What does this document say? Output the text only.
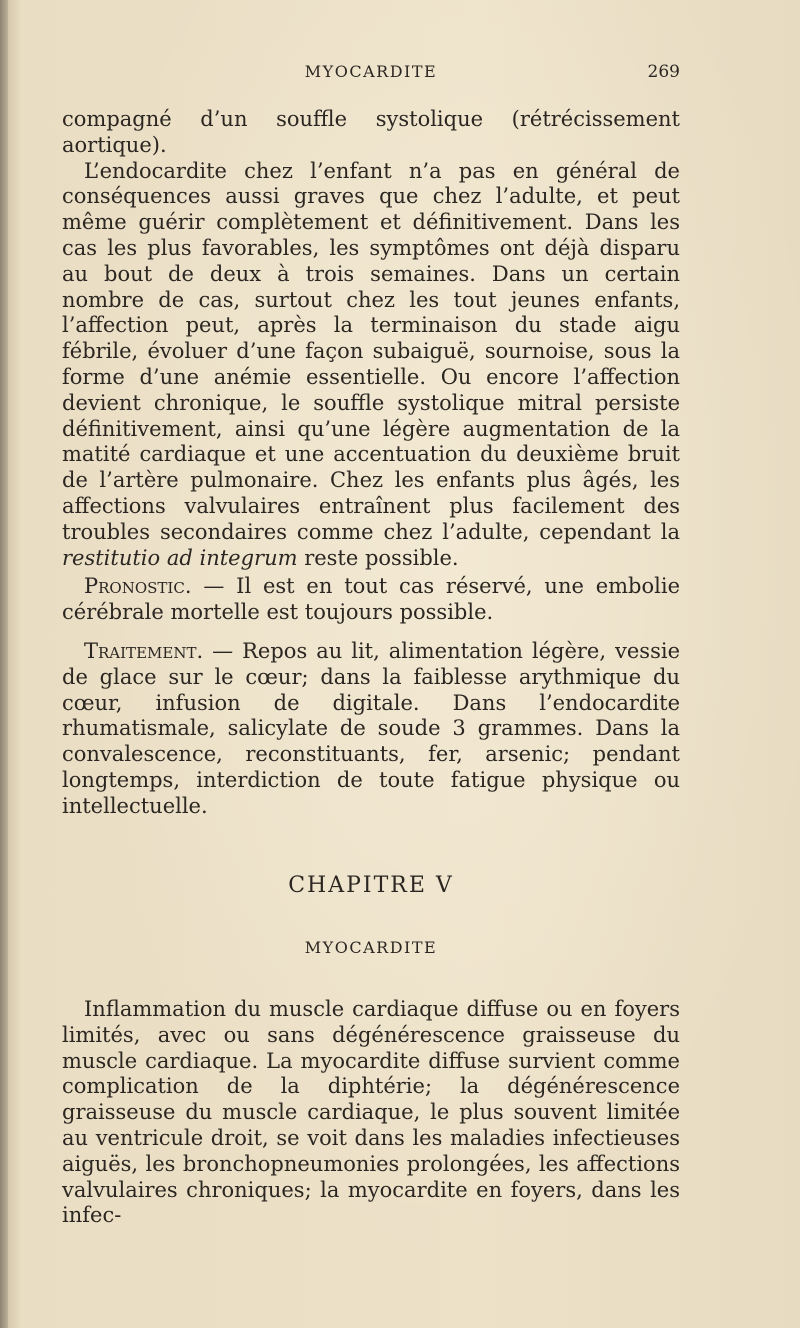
MYOCARDITE	269

compagné d’un souffle systolique (rétrécissement aortique).

L’endocardite chez l’enfant n’a pas en général de conséquences aussi graves que chez l’adulte, et peut même guérir complètement et définitivement. Dans les cas les plus favorables, les symptômes ont déjà disparu au bout de deux à trois semaines. Dans un certain nombre de cas, surtout chez les tout jeunes enfants, l’affection peut, après la terminaison du stade aigu fébrile, évoluer d’une façon subaiguë, sournoise, sous la forme d’une anémie essentielle. Ou encore l’affection devient chronique, le souffle systolique mitral persiste définitivement, ainsi qu’une légère augmentation de la matité cardiaque et une accentuation du deuxième bruit de l’artère pulmonaire. Chez les enfants plus âgés, les affections valvulaires entraînent plus facilement des troubles secondaires comme chez l’adulte, cependant la restitutio ad integrum reste possible.

Pronostic. — Il est en tout cas réservé, une embolie cérébrale mortelle est toujours possible.

Traitement. — Repos au lit, alimentation légère, vessie de glace sur le cœur; dans la faiblesse arythmique du cœur, infusion de digitale. Dans l’endocardite rhumatismale, salicylate de soude 3 grammes. Dans la convalescence, reconstituants, fer, arsenic; pendant longtemps, interdiction de toute fatigue physique ou intellectuelle.

CHAPITRE V
MYOCARDITE

Inflammation du muscle cardiaque diffuse ou en foyers limités, avec ou sans dégénérescence graisseuse du muscle cardiaque. La myocardite diffuse survient comme complication de la diphtérie; la dégénérescence graisseuse du muscle cardiaque, le plus souvent limitée au ventricule droit, se voit dans les maladies infectieuses aiguës, les bronchopneumonies prolongées, les affections valvulaires chroniques; la myocardite en foyers, dans les infec-
